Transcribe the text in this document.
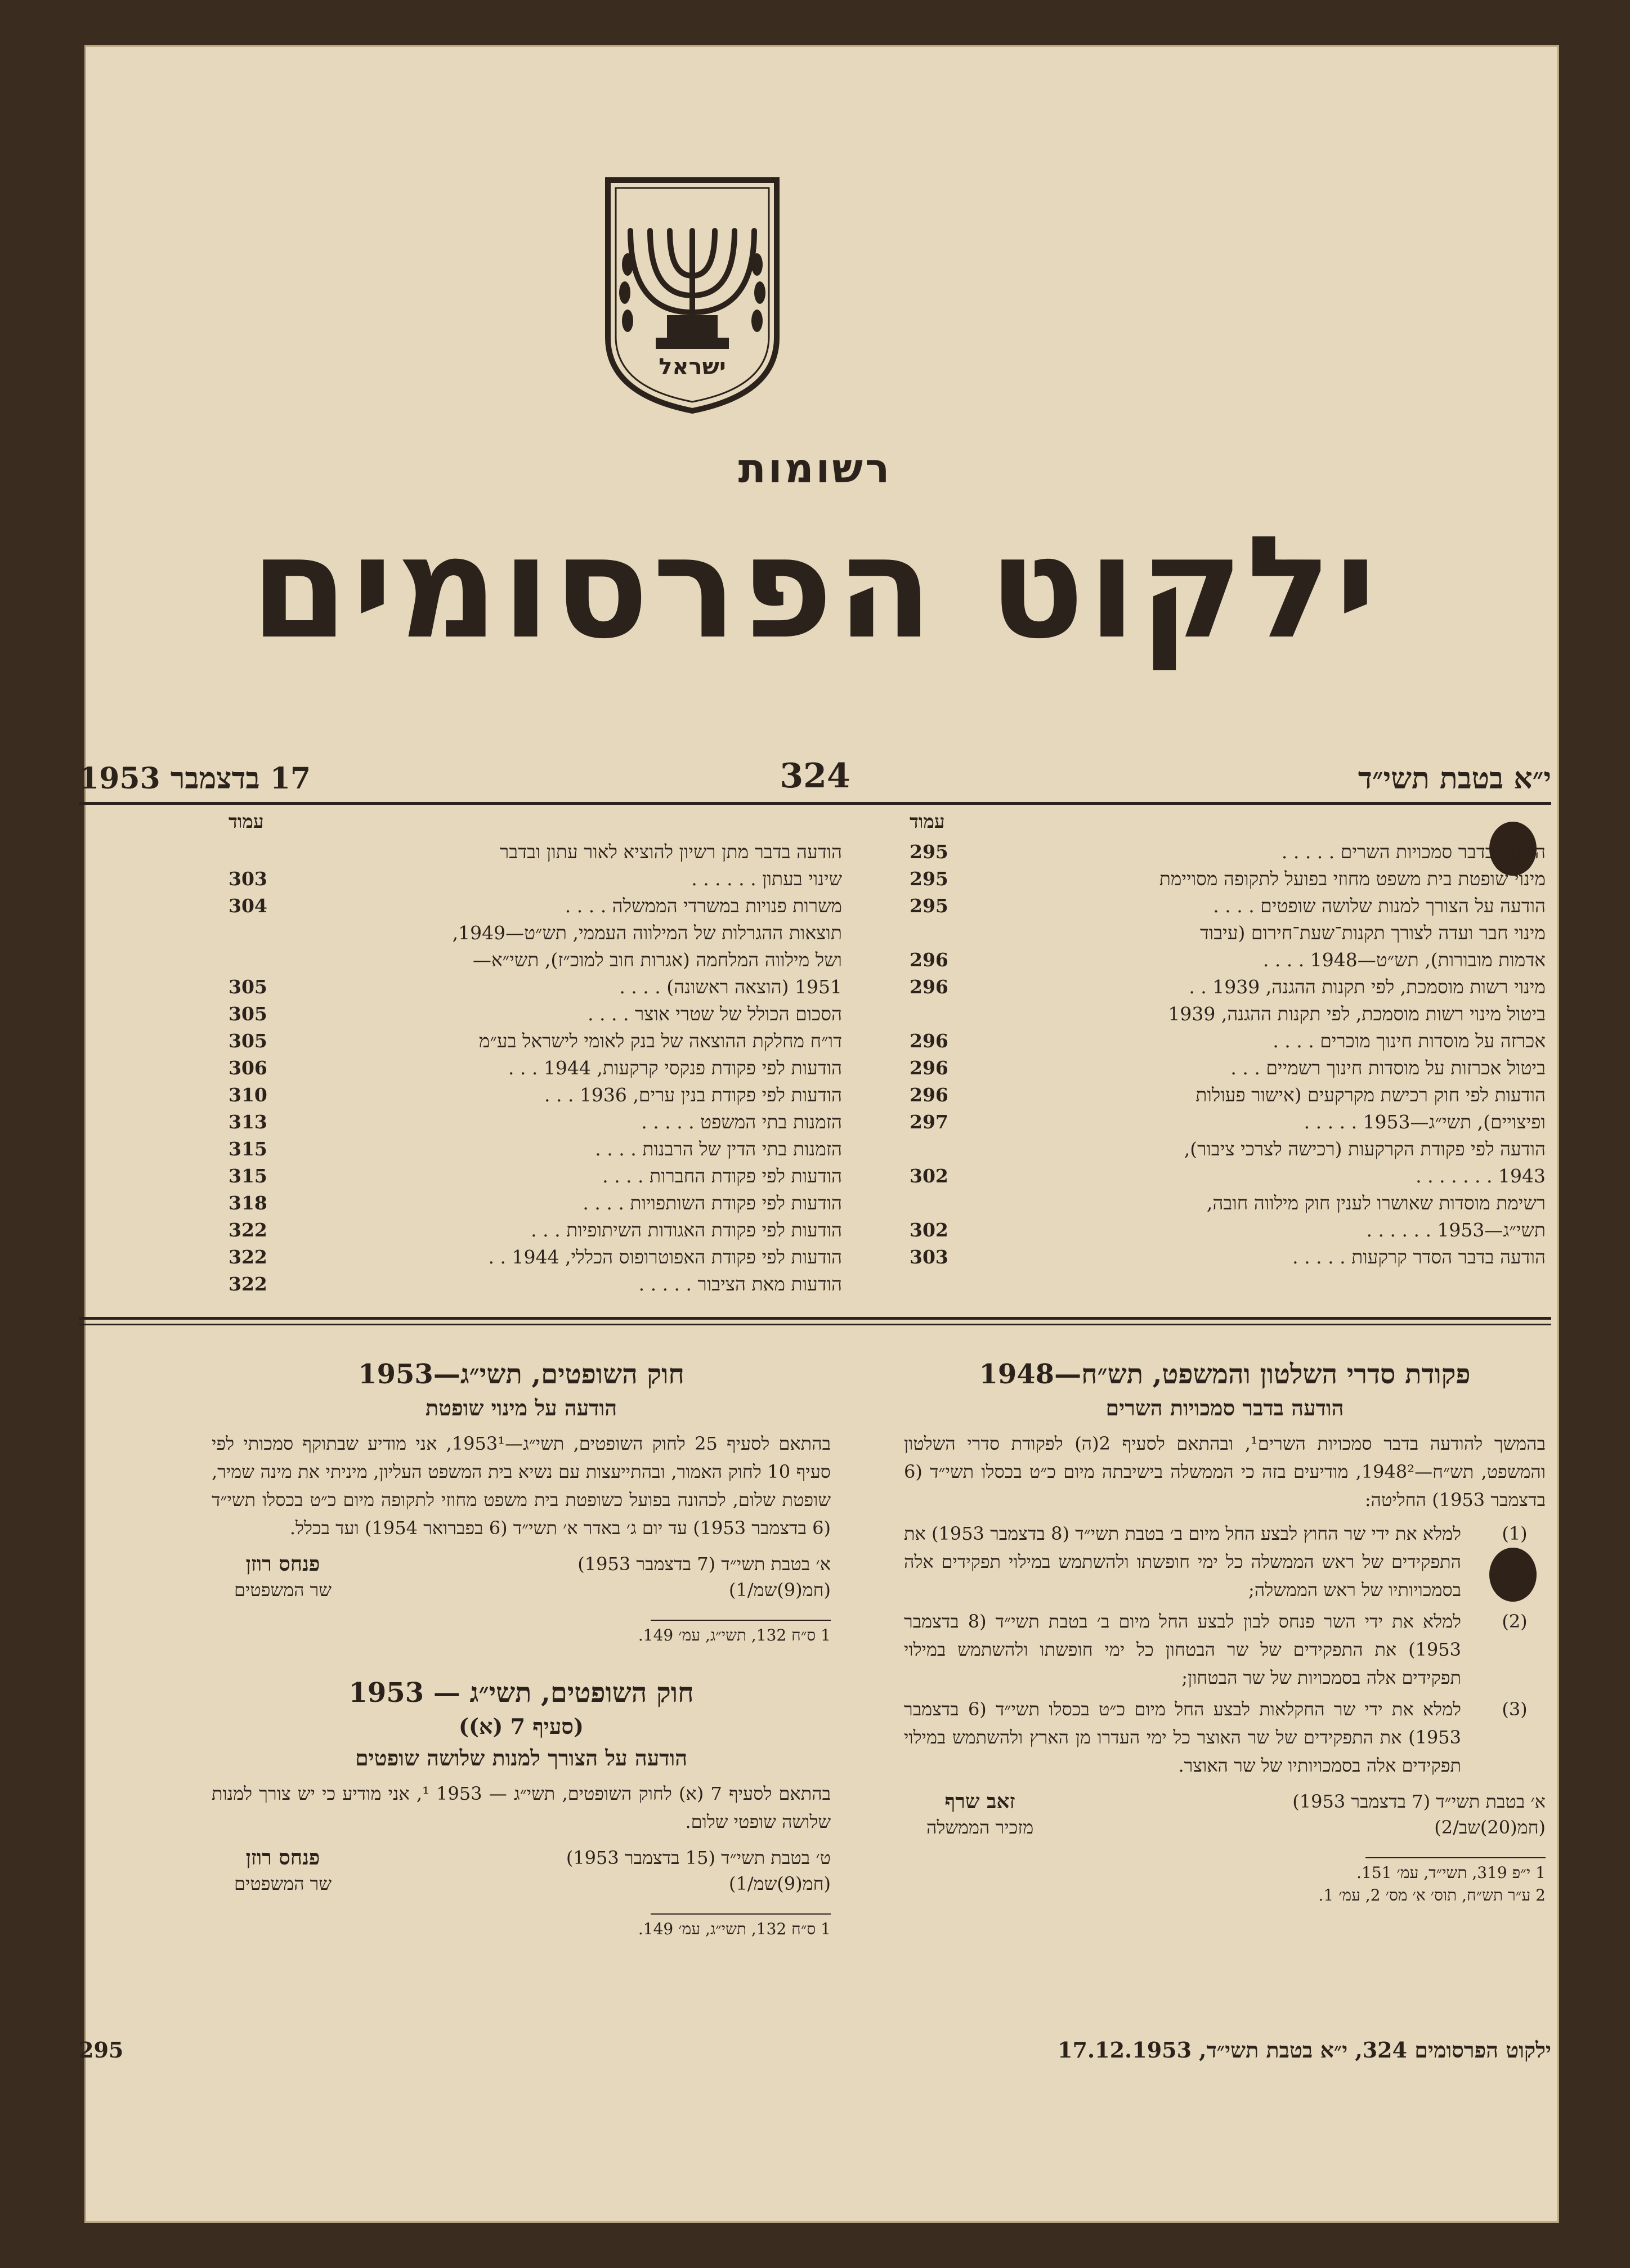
ישראל
רשומות
ילקוט הפרסומים
י״א בטבת תשי״ד
324
17 בדצמבר 1953
עמוד
הודעה בדבר סמכויות השרים . . . . .
295
מינוי שופטת בית משפט מחוזי בפועל לתקופה מסויימת
295
הודעה על הצורך למנות שלושה שופטים . . . .
295
מינוי חבר ועדה לצורך תקנות־שעת־חירום (עיבוד
אדמות מובורות), תש״ט—1948 . . . .
296
מינוי רשות מוסמכת, לפי תקנות ההגנה, 1939 . .
296
ביטול מינוי רשות מוסמכת, לפי תקנות ההגנה, 1939
אכרזה על מוסדות חינוך מוכרים . . . .
296
ביטול אכרזות על מוסדות חינוך רשמיים . . .
296
הודעות לפי חוק רכישת מקרקעים (אישור פעולות
296
ופיצויים), תשי״ג—1953 . . . . .
297
הודעה לפי פקודת הקרקעות (רכישה לצרכי ציבור),
1943 . . . . . . .
302
רשימת מוסדות שאושרו לענין חוק מילווה חובה,
תשי״ג—1953 . . . . . .
302
הודעה בדבר הסדר קרקעות . . . . .
303
עמוד
הודעה בדבר מתן רשיון להוציא לאור עתון ובדבר
שינוי בעתון . . . . . .
303
משרות פנויות במשרדי הממשלה . . . .
304
תוצאות ההגרלות של המילווה העממי, תש״ט—1949,
ושל מילווה המלחמה (אגרות חוב למוכ״ז), תשי״א—
1951 (הוצאה ראשונה) . . . .
305
הסכום הכולל של שטרי אוצר . . . .
305
דו״ח מחלקת ההוצאה של בנק לאומי לישראל בע״מ
305
הודעות לפי פקודת פנקסי קרקעות, 1944 . . .
306
הודעות לפי פקודת בנין ערים, 1936 . . .
310
הזמנות בתי המשפט . . . . .
313
הזמנות בתי הדין של הרבנות . . . .
315
הודעות לפי פקודת החברות . . . .
315
הודעות לפי פקודת השותפויות . . . .
318
הודעות לפי פקודת האגודות השיתופיות . . .
322
הודעות לפי פקודת האפוטרופוס הכללי, 1944 . .
322
הודעות מאת הציבור . . . . .
322
פקודת סדרי השלטון והמשפט, תש״ח—1948
הודעה בדבר סמכויות השרים
בהמשך להודעה בדבר סמכויות השרים¹, ובהתאם לסעיף 2(ה) לפקודת סדרי השלטון והמשפט, תש״ח—1948², מודיעים בזה כי הממשלה בישיבתה מיום כ״ט בכסלו תשי״ד (6 בדצמבר 1953) החליטה:
(1)
למלא את ידי שר החוץ לבצע החל מיום ב׳ בטבת תשי״ד (8 בדצמבר 1953) את התפקידים של ראש הממשלה כל ימי חופשתו ולהשתמש במילוי תפקידים אלה בסמכויותיו של ראש הממשלה;
(2)
למלא את ידי השר פנחס לבון לבצע החל מיום ב׳ בטבת תשי״ד (8 בדצמבר 1953) את התפקידים של שר הבטחון כל ימי חופשתו ולהשתמש במילוי תפקידים אלה בסמכויות של שר הבטחון;
(3)
למלא את ידי שר החקלאות לבצע החל מיום כ״ט בכסלו תשי״ד (6 בדצמבר 1953) את התפקידים של שר האוצר כל ימי העדרו מן הארץ ולהשתמש במילוי תפקידים אלה בסמכויותיו של שר האוצר.
א׳ בטבת תשי״ד (7 בדצמבר 1953)
(חמ(20)שב/2)
זאב שרף
מזכיר הממשלה
1 י״פ 319, תשי״ד, עמ׳ 151.
2 ע״ר תש״ח, תוס׳ א׳ מס׳ 2, עמ׳ 1.
חוק השופטים, תשי״ג—1953
הודעה על מינוי שופטת
בהתאם לסעיף 25 לחוק השופטים, תשי״ג—1953¹, אני מודיע שבתוקף סמכותי לפי סעיף 10 לחוק האמור, ובהתייעצות עם נשיא בית המשפט העליון, מיניתי את מינה שמיר, שופטת שלום, לכהונה בפועל כשופטת בית משפט מחוזי לתקופה מיום כ״ט בכסלו תשי״ד (6 בדצמבר 1953) עד יום ג׳ באדר א׳ תשי״ד (6 בפברואר 1954) ועד בכלל.
א׳ בטבת תשי״ד (7 בדצמבר 1953)
(חמ(9)שמ/1)
פנחס רוזן
שר המשפטים
1 ס״ח 132, תשי״ג, עמ׳ 149.
חוק השופטים, תשי״ג — 1953
(סעיף 7 (א))
הודעה על הצורך למנות שלושה שופטים
בהתאם לסעיף 7 (א) לחוק השופטים, תשי״ג — 1953 ¹, אני מודיע כי יש צורך למנות שלושה שופטי שלום.
ט׳ בטבת תשי״ד (15 בדצמבר 1953)
(חמ(9)שמ/1)
פנחס רוזן
שר המשפטים
1 ס״ח 132, תשי״ג, עמ׳ 149.
295	ילקוט הפרסומים 324, י״א בטבת תשי״ד, 17.12.1953
